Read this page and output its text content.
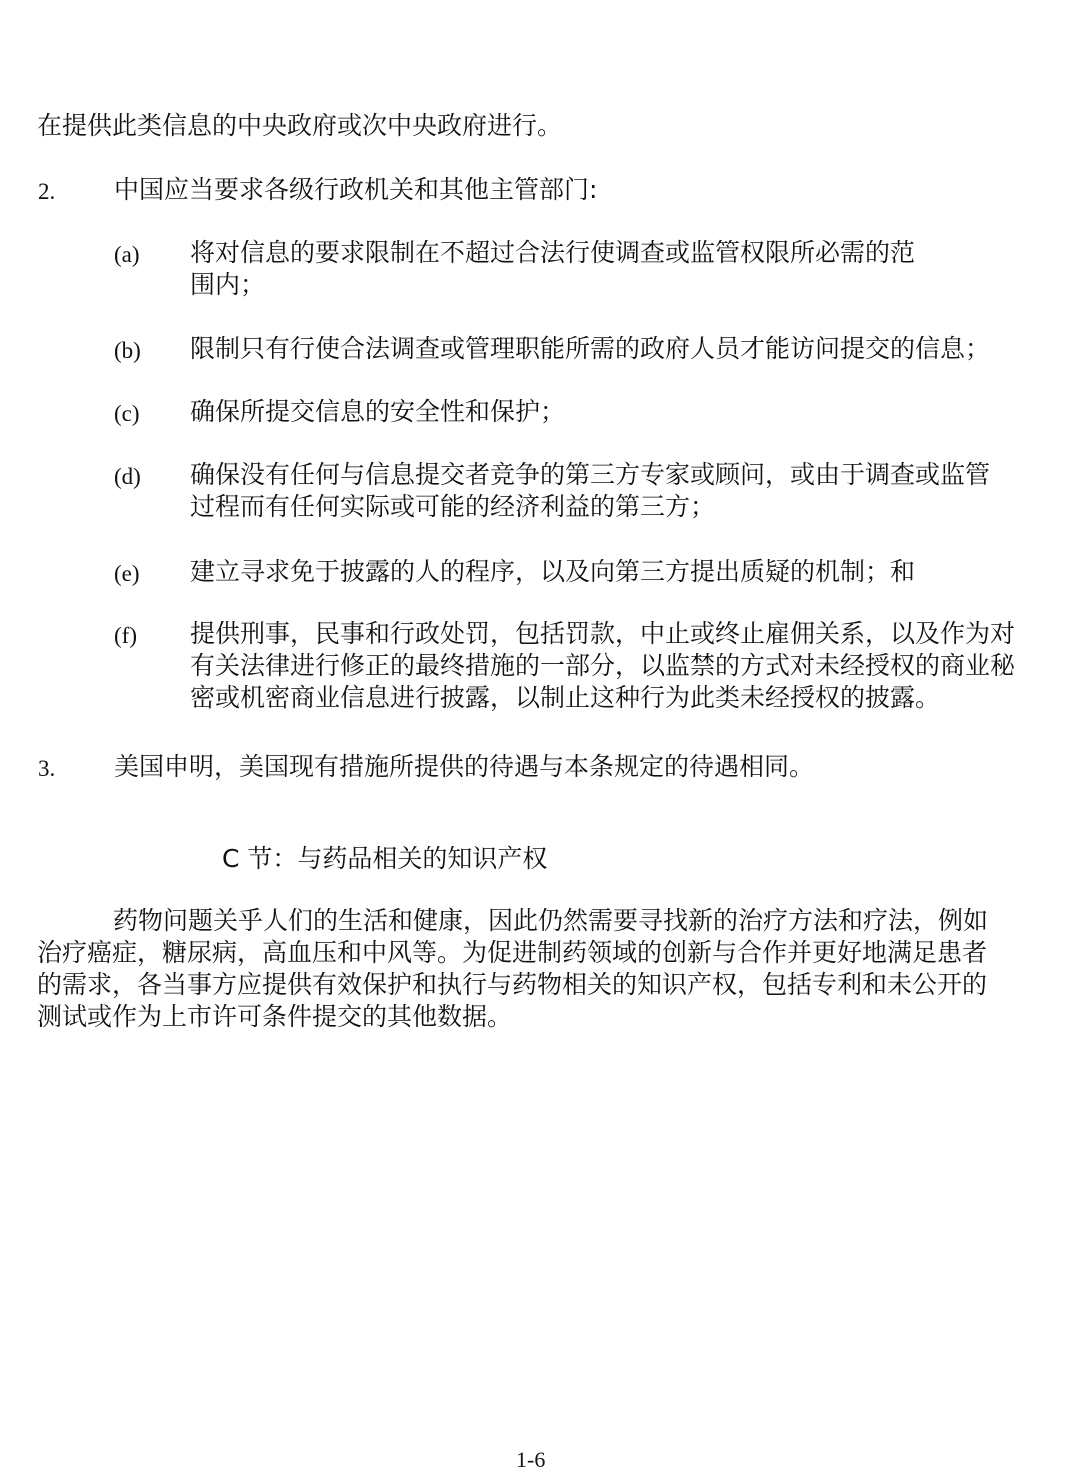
在提供此类信息的中央政府或次中央政府进行。
2. 中国应当要求各级行政机关和其他主管部门:
(a) 将对信息的要求限制在不超过合法行使调查或监管权限所必需的范
围内；
(b) 限制只有行使合法调查或管理职能所需的政府人员才能访问提交的信息；
(c) 确保所提交信息的安全性和保护；
(d) 确保没有任何与信息提交者竞争的第三方专家或顾问，或由于调查或监管
过程而有任何实际或可能的经济利益的第三方；
(e) 建立寻求免于披露的人的程序，以及向第三方提出质疑的机制；和
(f) 提供刑事，民事和行政处罚，包括罚款，中止或终止雇佣关系，以及作为对
有关法律进行修正的最终措施的一部分，以监禁的方式对未经授权的商业秘
密或机密商业信息进行披露，以制止这种行为此类未经授权的披露。
3. 美国申明，美国现有措施所提供的待遇与本条规定的待遇相同。
C 节：与药品相关的知识产权
药物问题关乎人们的生活和健康，因此仍然需要寻找新的治疗方法和疗法，例如
治疗癌症，糖尿病，高血压和中风等。为促进制药领域的创新与合作并更好地满足患者
的需求，各当事方应提供有效保护和执行与药物相关的知识产权，包括专利和未公开的
测试或作为上市许可条件提交的其他数据。
1-6
